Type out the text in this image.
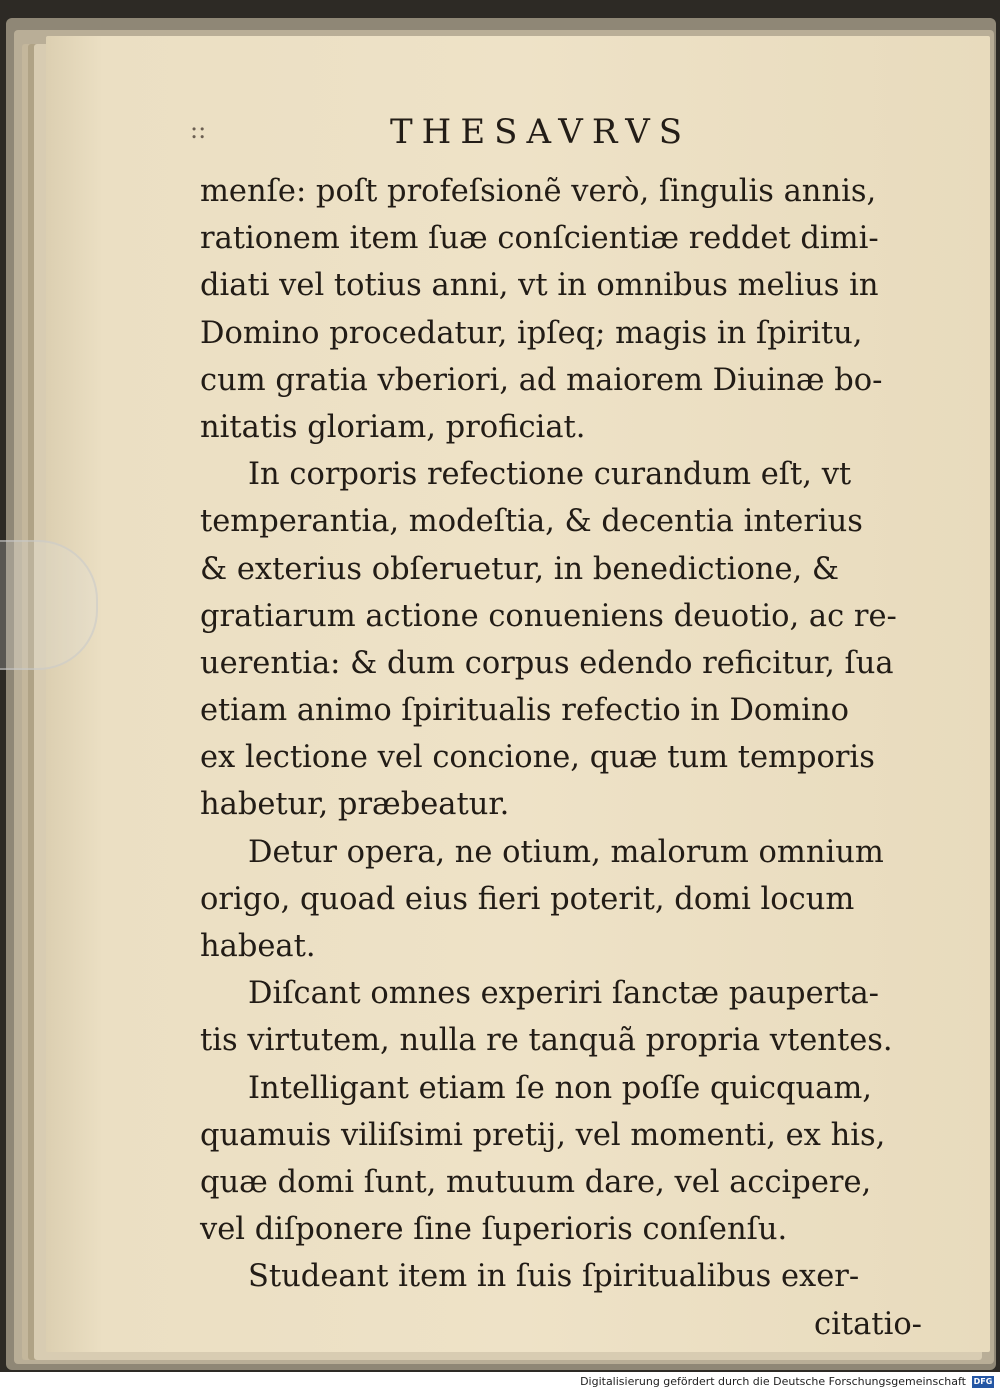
::	THESAVRVS
menſe: poſt profeſsionẽ verò, ſingulis annis,
rationem item ſuæ conſcientiæ reddet dimi-
diati vel totius anni, vt in omnibus melius in
Domino procedatur, ipſeq; magis in ſpiritu,
cum gratia vberiori, ad maiorem Diuinæ bo-
nitatis gloriam, proficiat.
In corporis refectione curandum eſt, vt
temperantia, modeſtia, & decentia interius
& exterius obſeruetur, in benedictione, &
gratiarum actione conueniens deuotio, ac re-
uerentia: & dum corpus edendo reficitur, ſua
etiam animo ſpiritualis refectio in Domino
ex lectione vel concione, quæ tum temporis
habetur, præbeatur.
Detur opera, ne otium, malorum omnium
origo, quoad eius fieri poterit, domi locum
habeat.
Diſcant omnes experiri ſanctæ pauperta-
tis virtutem, nulla re tanquã propria vtentes.
Intelligant etiam ſe non poſſe quicquam,
quamuis viliſsimi pretij, vel momenti, ex his,
quæ domi ſunt, mutuum dare, vel accipere,
vel diſponere ſine ſuperioris conſenſu.
Studeant item in ſuis ſpiritualibus exer-
citatio-
Digitalisierung gefördert durch die Deutsche Forschungsgemeinschaft DFG
